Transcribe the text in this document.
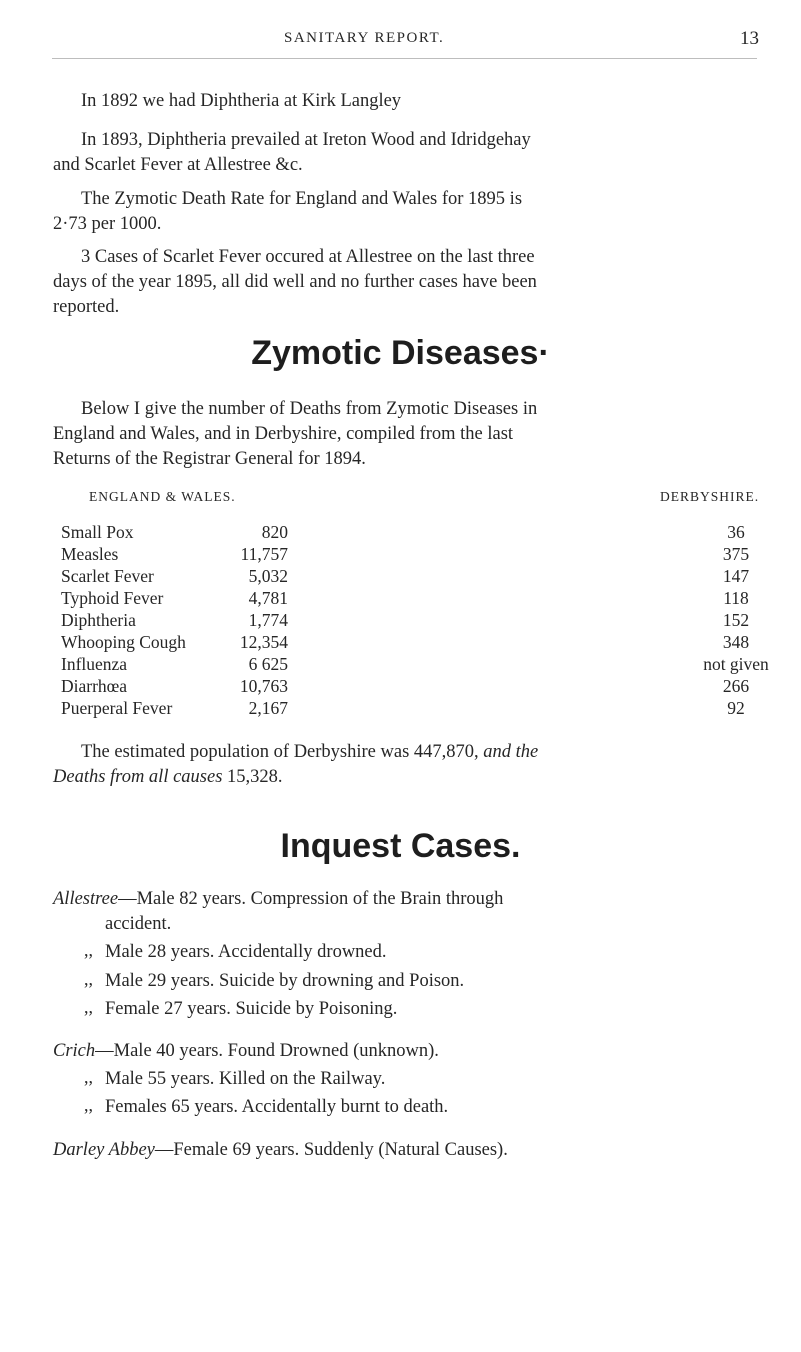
SANITARY REPORT.	13
In 1892 we had Diphtheria at Kirk Langley
In 1893, Diphtheria prevailed at Ireton Wood and Idridgehay
and Scarlet Fever at Allestree &c.
The Zymotic Death Rate for England and Wales for 1895 is
2·73 per 1000.
3 Cases of Scarlet Fever occured at Allestree on the last three
days of the year 1895, all did well and no further cases have been
reported.
Zymotic Diseases·
Below I give the number of Deaths from Zymotic Diseases in
England and Wales, and in Derbyshire, compiled from the last
Returns of the Registrar General for 1894.
ENGLAND & WALES.	DERBYSHIRE.
Small Pox	820	36
Measles	11,757	375
Scarlet Fever	5,032	147
Typhoid Fever	4,781	118
Diphtheria	1,774	152
Whooping Cough	12,354	348
Influenza	6 625	not given
Diarrhœa	10,763	266
Puerperal Fever	2,167	92
The estimated population of Derbyshire was 447,870, and the
Deaths from all causes 15,328.
Inquest Cases.
Allestree—Male 82 years. Compression of the Brain through
accident.
,, Male 28 years. Accidentally drowned.
,, Male 29 years. Suicide by drowning and Poison.
,, Female 27 years. Suicide by Poisoning.
Crich—Male 40 years. Found Drowned (unknown).
,, Male 55 years. Killed on the Railway.
,, Females 65 years. Accidentally burnt to death.
Darley Abbey—Female 69 years. Suddenly (Natural Causes).
